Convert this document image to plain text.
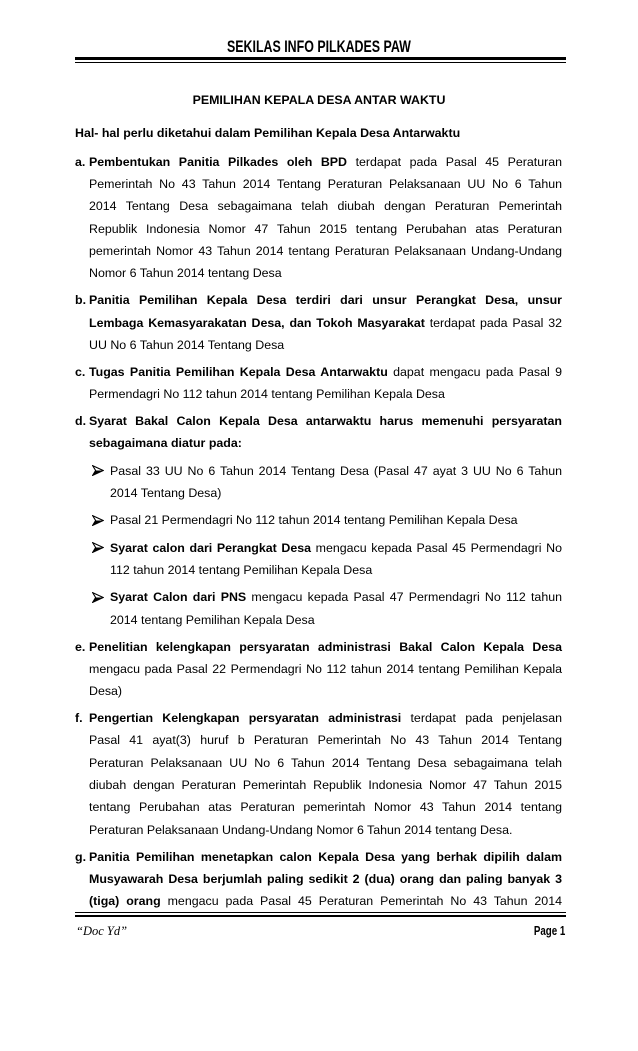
SEKILAS INFO PILKADES PAW
PEMILIHAN KEPALA DESA ANTAR WAKTU
Hal- hal perlu diketahui dalam Pemilihan Kepala Desa Antarwaktu
a. Pembentukan Panitia Pilkades oleh BPD terdapat pada Pasal 45 Peraturan
Pemerintah No 43 Tahun 2014 Tentang Peraturan Pelaksanaan UU No 6 Tahun
2014 Tentang Desa sebagaimana telah diubah dengan Peraturan Pemerintah
Republik Indonesia Nomor 47 Tahun 2015 tentang Perubahan atas Peraturan
pemerintah Nomor 43 Tahun 2014 tentang Peraturan Pelaksanaan Undang-Undang
Nomor 6 Tahun 2014 tentang Desa
b. Panitia Pemilihan Kepala Desa terdiri dari unsur Perangkat Desa, unsur
Lembaga Kemasyarakatan Desa, dan Tokoh Masyarakat terdapat pada Pasal 32
UU No 6 Tahun 2014 Tentang Desa
c. Tugas Panitia Pemilihan Kepala Desa Antarwaktu dapat mengacu pada Pasal 9
Permendagri No 112 tahun 2014 tentang Pemilihan Kepala Desa
d. Syarat Bakal Calon Kepala Desa antarwaktu harus memenuhi persyaratan
sebagaimana diatur pada:
Pasal 33 UU No 6 Tahun 2014 Tentang Desa (Pasal 47 ayat 3 UU No 6 Tahun
2014 Tentang Desa)
Pasal 21 Permendagri No 112 tahun 2014 tentang Pemilihan Kepala Desa
Syarat calon dari Perangkat Desa mengacu kepada Pasal 45 Permendagri No
112 tahun 2014 tentang Pemilihan Kepala Desa
Syarat Calon dari PNS mengacu kepada Pasal 47 Permendagri No 112 tahun
2014 tentang Pemilihan Kepala Desa
e. Penelitian kelengkapan persyaratan administrasi Bakal Calon Kepala Desa
mengacu pada Pasal 22 Permendagri No 112 tahun 2014 tentang Pemilihan Kepala
Desa)
f. Pengertian Kelengkapan persyaratan administrasi terdapat pada penjelasan
Pasal 41 ayat(3) huruf b Peraturan Pemerintah No 43 Tahun 2014 Tentang
Peraturan Pelaksanaan UU No 6 Tahun 2014 Tentang Desa sebagaimana telah
diubah dengan Peraturan Pemerintah Republik Indonesia Nomor 47 Tahun 2015
tentang Perubahan atas Peraturan pemerintah Nomor 43 Tahun 2014 tentang
Peraturan Pelaksanaan Undang-Undang Nomor 6 Tahun 2014 tentang Desa.
g. Panitia Pemilihan menetapkan calon Kepala Desa yang berhak dipilih dalam
Musyawarah Desa berjumlah paling sedikit 2 (dua) orang dan paling banyak 3
(tiga) orang mengacu pada Pasal 45 Peraturan Pemerintah No 43 Tahun 2014
“Doc Yd”	Page 1
